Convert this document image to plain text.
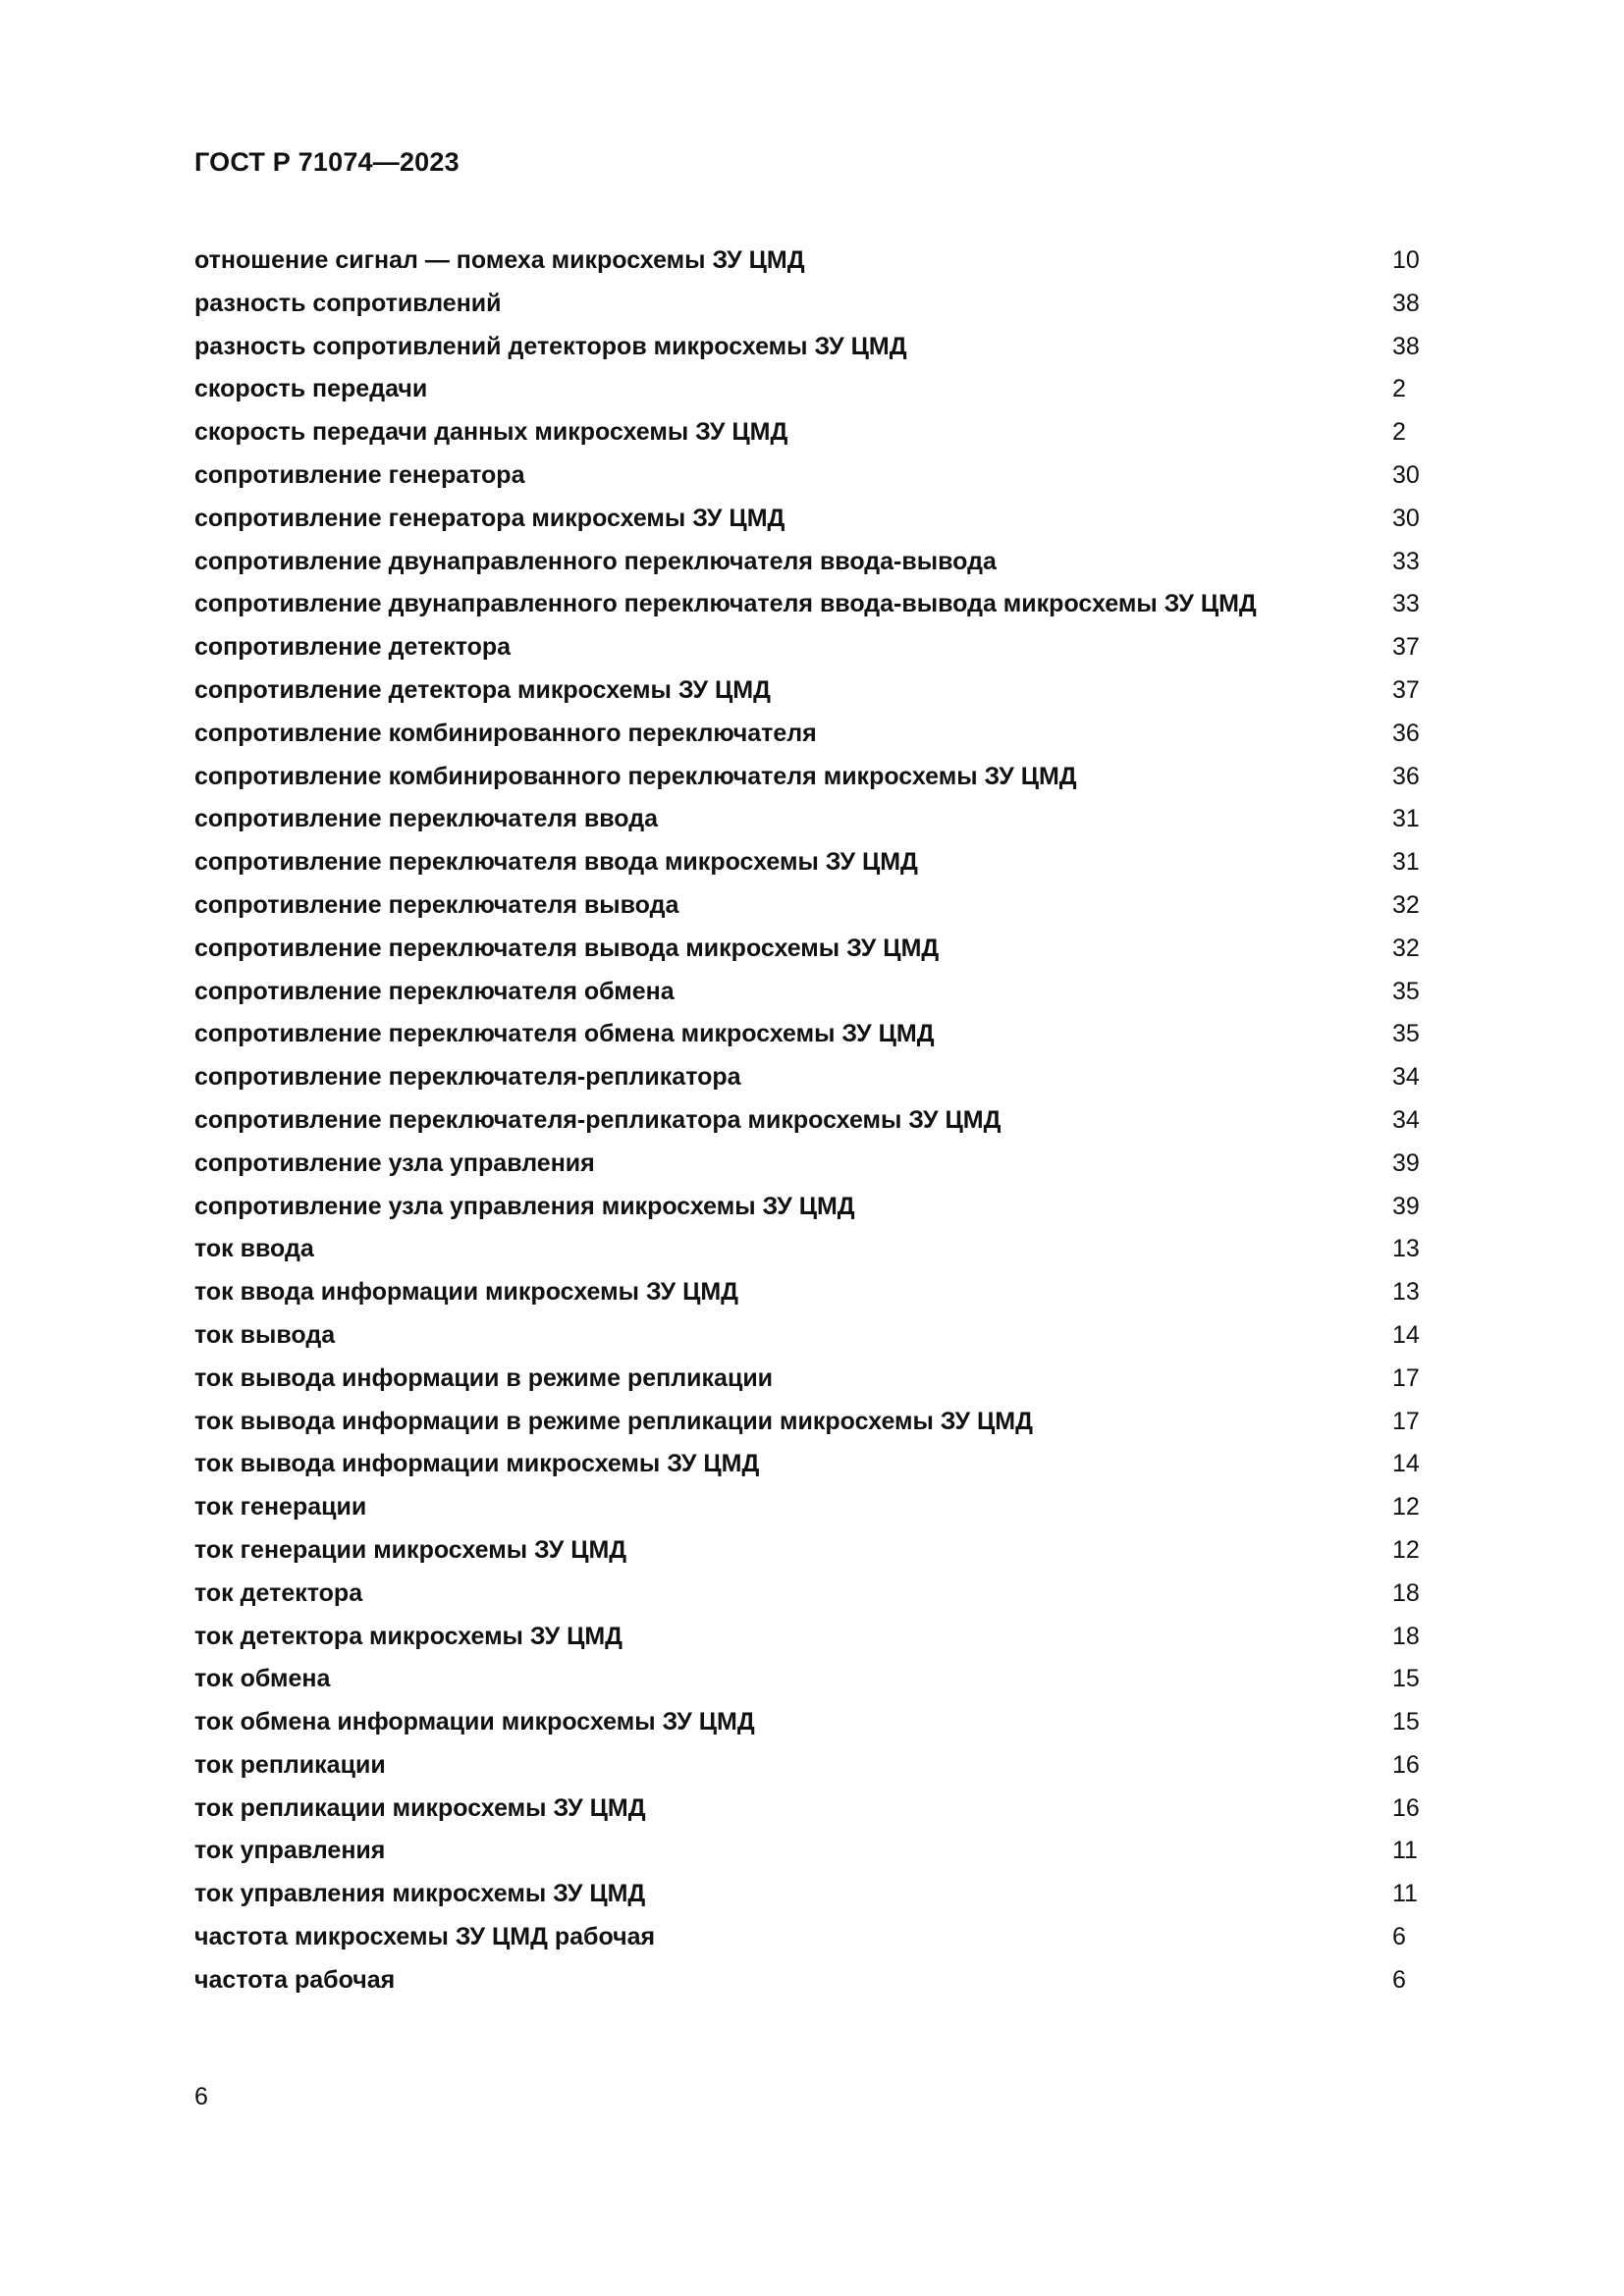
ГОСТ Р 71074—2023
отношение сигнал — помеха микросхемы ЗУ ЦМД	10
разность сопротивлений	38
разность сопротивлений детекторов микросхемы ЗУ ЦМД	38
скорость передачи	2
скорость передачи данных микросхемы ЗУ ЦМД	2
сопротивление генератора	30
сопротивление генератора микросхемы ЗУ ЦМД	30
сопротивление двунаправленного переключателя ввода-вывода	33
сопротивление двунаправленного переключателя ввода-вывода микросхемы ЗУ ЦМД	33
сопротивление детектора	37
сопротивление детектора микросхемы ЗУ ЦМД	37
сопротивление комбинированного переключателя	36
сопротивление комбинированного переключателя микросхемы ЗУ ЦМД	36
сопротивление переключателя ввода	31
сопротивление переключателя ввода микросхемы ЗУ ЦМД	31
сопротивление переключателя вывода	32
сопротивление переключателя вывода микросхемы ЗУ ЦМД	32
сопротивление переключателя обмена	35
сопротивление переключателя обмена микросхемы ЗУ ЦМД	35
сопротивление переключателя-репликатора	34
сопротивление переключателя-репликатора микросхемы ЗУ ЦМД	34
сопротивление узла управления	39
сопротивление узла управления микросхемы ЗУ ЦМД	39
ток ввода	13
ток ввода информации микросхемы ЗУ ЦМД	13
ток вывода	14
ток вывода информации в режиме репликации	17
ток вывода информации в режиме репликации микросхемы ЗУ ЦМД	17
ток вывода информации микросхемы ЗУ ЦМД	14
ток генерации	12
ток генерации микросхемы ЗУ ЦМД	12
ток детектора	18
ток детектора микросхемы ЗУ ЦМД	18
ток обмена	15
ток обмена информации микросхемы ЗУ ЦМД	15
ток репликации	16
ток репликации микросхемы ЗУ ЦМД	16
ток управления	11
ток управления микросхемы ЗУ ЦМД	11
частота микросхемы ЗУ ЦМД рабочая	6
частота рабочая	6
6
